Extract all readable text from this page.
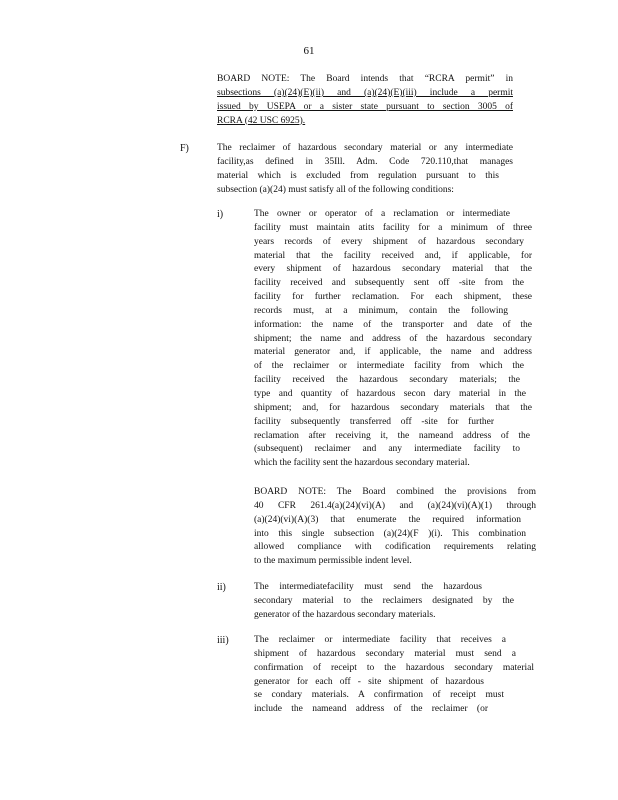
61
BOARD NOTE: The Board intends that “RCRA permit” in
subsections (a)(24)(E)(ii) and (a)(24)(E)(iii) include a permit
issued by USEPA or a sister state pursuant to section 3005 of
RCRA (42 USC 6925).
F)	The reclaimer of hazardous secondary material or any intermediate
facility,as defined in 35Ill. Adm. Code 720.110,that manages
material which is excluded from regulation pursuant to this
subsection (a)(24) must satisfy all of the following conditions:
i)	The owner or operator of a reclamation or intermediate
facility must maintain atits facility for a minimum of three
years records of every shipment of hazardous secondary
material that the facility received and, if applicable, for
every shipment of hazardous secondary material that the
facility received and subsequently sent off -site from the
facility for further reclamation. For each shipment, these
records must, at a minimum, contain the following
information: the name of the transporter and date of the
shipment; the name and address of the hazardous secondary
material generator and, if applicable, the name and address
of the reclaimer or intermediate facility from which the
facility received the hazardous secondary materials; the
type and quantity of hazardous secon dary material in the
shipment; and, for hazardous secondary materials that the
facility subsequently transferred off -site for further
reclamation after receiving it, the nameand address of the
(subsequent) reclaimer and any intermediate facility to
which the facility sent the hazardous secondary material.
BOARD NOTE: The Board combined the provisions from
40 CFR 261.4(a)(24)(vi)(A) and (a)(24)(vi)(A)(1) through
(a)(24)(vi)(A)(3) that enumerate the required information
into this single subsection (a)(24)(F )(i). This combination
allowed compliance with codification requirements relating
to the maximum permissible indent level.
ii)	The intermediatefacility must send the hazardous
secondary material to the reclaimers designated by the
generator of the hazardous secondary materials.
iii)	The reclaimer or intermediate facility that receives a
shipment of hazardous secondary material must send a
confirmation of receipt to the hazardous secondary material
generator for each off - site shipment of hazardous
se condary materials. A confirmation of receipt must
include the nameand address of the reclaimer (or
